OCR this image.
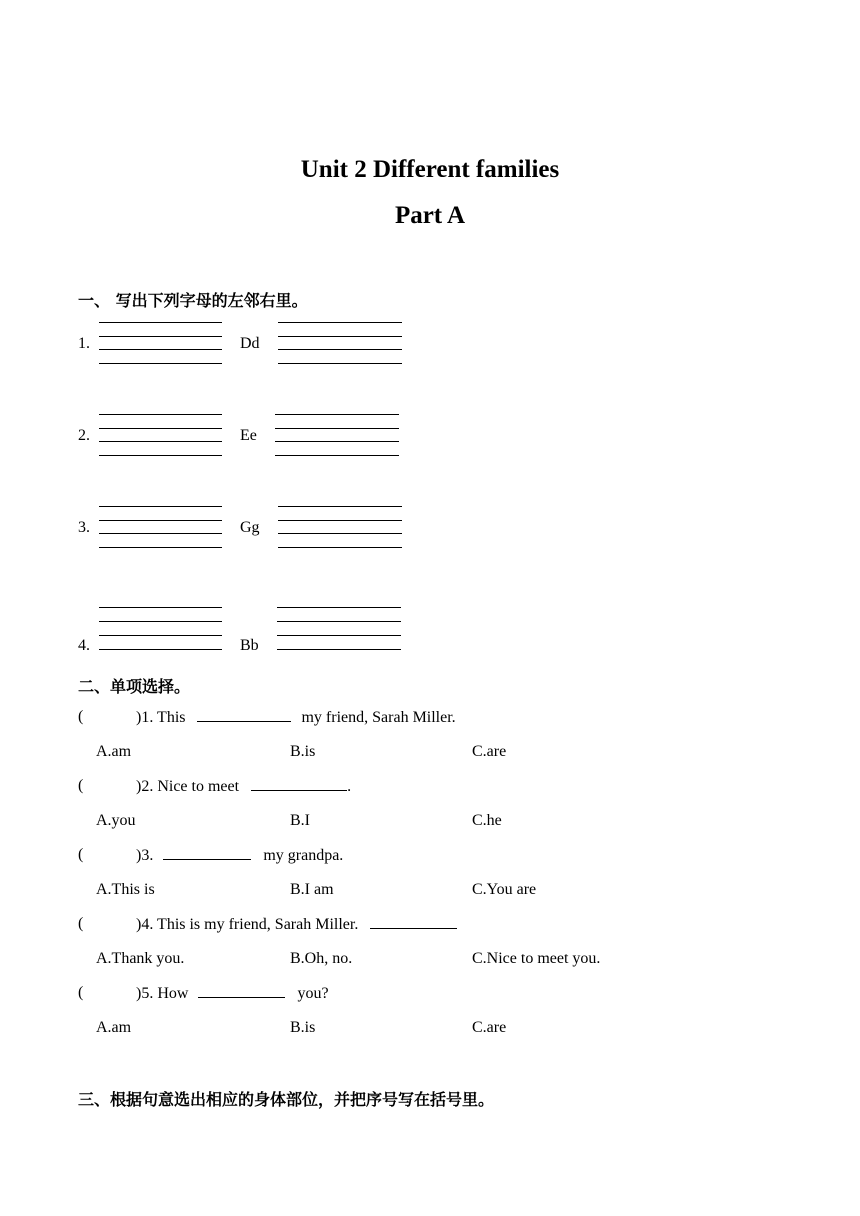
Unit 2 Different families
Part A
一、 写出下列字母的左邻右里。
1.	Dd
2.	Ee
3.	Gg
4.	Bb
二、单项选择。
(	)1. This	my friend, Sarah Miller.
A.am	B.is	C.are
(	)2. Nice to meet	.
A.you	B.I	C.he
(	)3.	my grandpa.
A.This is	B.I am	C.You are
(	)4. This is my friend, Sarah Miller.
A.Thank you.	B.Oh, no.	C.Nice to meet you.
(	)5. How	you?
A.am	B.is	C.are
三、根据句意选出相应的身体部位，并把序号写在括号里。
